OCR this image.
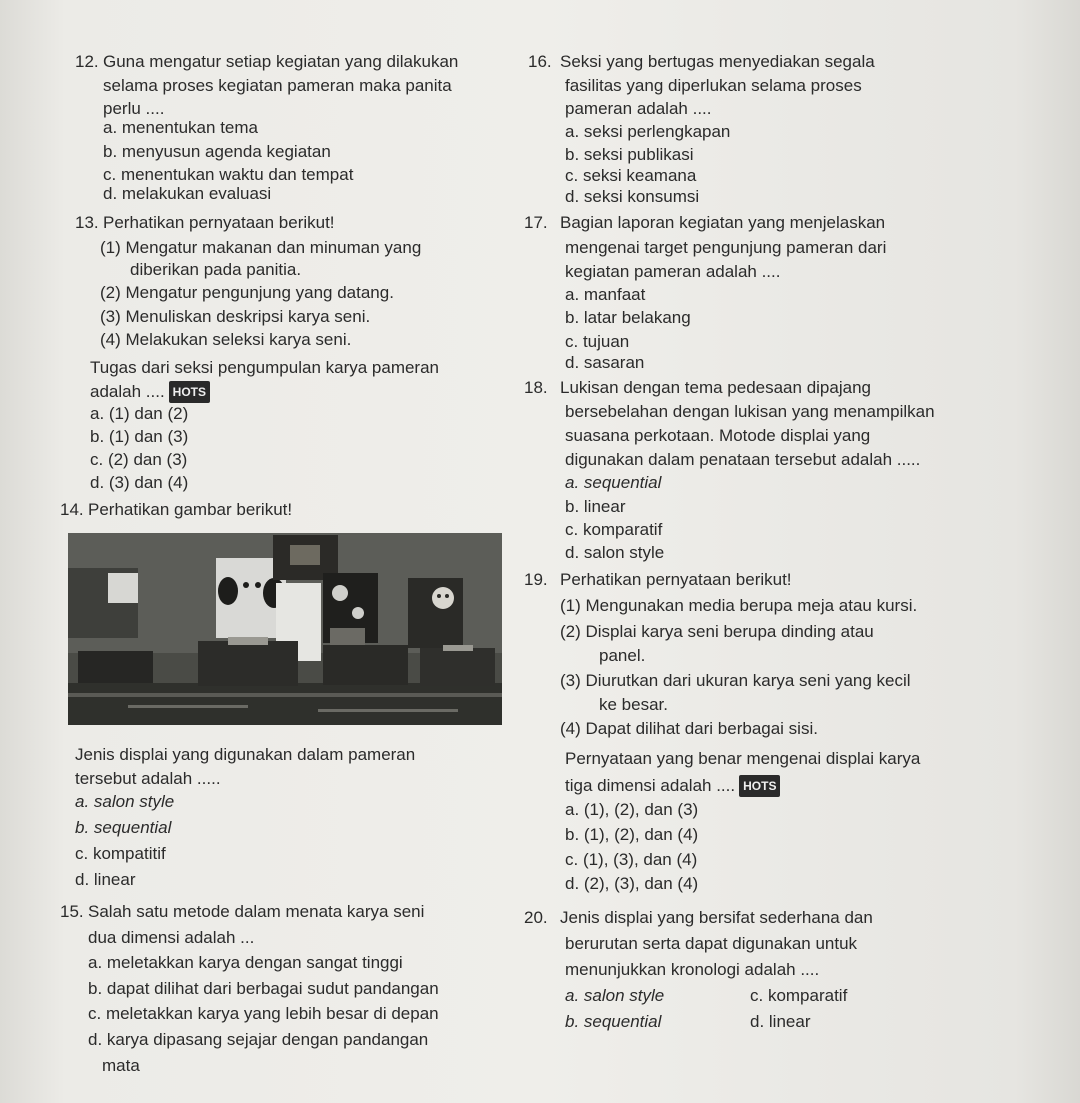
12. Guna mengatur setiap kegiatan yang dilakukan
selama proses kegiatan pameran maka panita
perlu ....
a. menentukan tema
b. menyusun agenda kegiatan
c. menentukan waktu dan tempat
d. melakukan evaluasi
13. Perhatikan pernyataan berikut!
(1) Mengatur makanan dan minuman yang
diberikan pada panitia.
(2) Mengatur pengunjung yang datang.
(3) Menuliskan deskripsi karya seni.
(4) Melakukan seleksi karya seni.
Tugas dari seksi pengumpulan karya pameran
adalah .... HOTS
a. (1) dan (2)
b. (1) dan (3)
c. (2) dan (3)
d. (3) dan (4)
14. Perhatikan gambar berikut!
Jenis displai yang digunakan dalam pameran
tersebut adalah .....
a. salon style
b. sequential
c. kompatitif
d. linear
15. Salah satu metode dalam menata karya seni
dua dimensi adalah ...
a. meletakkan karya dengan sangat tinggi
b. dapat dilihat dari berbagai sudut pandangan
c. meletakkan karya yang lebih besar di depan
d. karya dipasang sejajar dengan pandangan
mata
16. Seksi yang bertugas menyediakan segala
fasilitas yang diperlukan selama proses
pameran adalah ....
a. seksi perlengkapan
b. seksi publikasi
c. seksi keamana
d. seksi konsumsi
17. Bagian laporan kegiatan yang menjelaskan
mengenai target pengunjung pameran dari
kegiatan pameran adalah ....
a. manfaat
b. latar belakang
c. tujuan
d. sasaran
18. Lukisan dengan tema pedesaan dipajang
bersebelahan dengan lukisan yang menampilkan
suasana perkotaan. Motode displai yang
digunakan dalam penataan tersebut adalah .....
a. sequential
b. linear
c. komparatif
d. salon style
19. Perhatikan pernyataan berikut!
(1) Mengunakan media berupa meja atau kursi.
(2) Displai karya seni berupa dinding atau
panel.
(3) Diurutkan dari ukuran karya seni yang kecil
ke besar.
(4) Dapat dilihat dari berbagai sisi.
Pernyataan yang benar mengenai displai karya
tiga dimensi adalah .... HOTS
a. (1), (2), dan (3)
b. (1), (2), dan (4)
c. (1), (3), dan (4)
d. (2), (3), dan (4)
20. Jenis displai yang bersifat sederhana dan
berurutan serta dapat digunakan untuk
menunjukkan kronologi adalah ....
a. salon style	c. komparatif
b. sequential	d. linear
